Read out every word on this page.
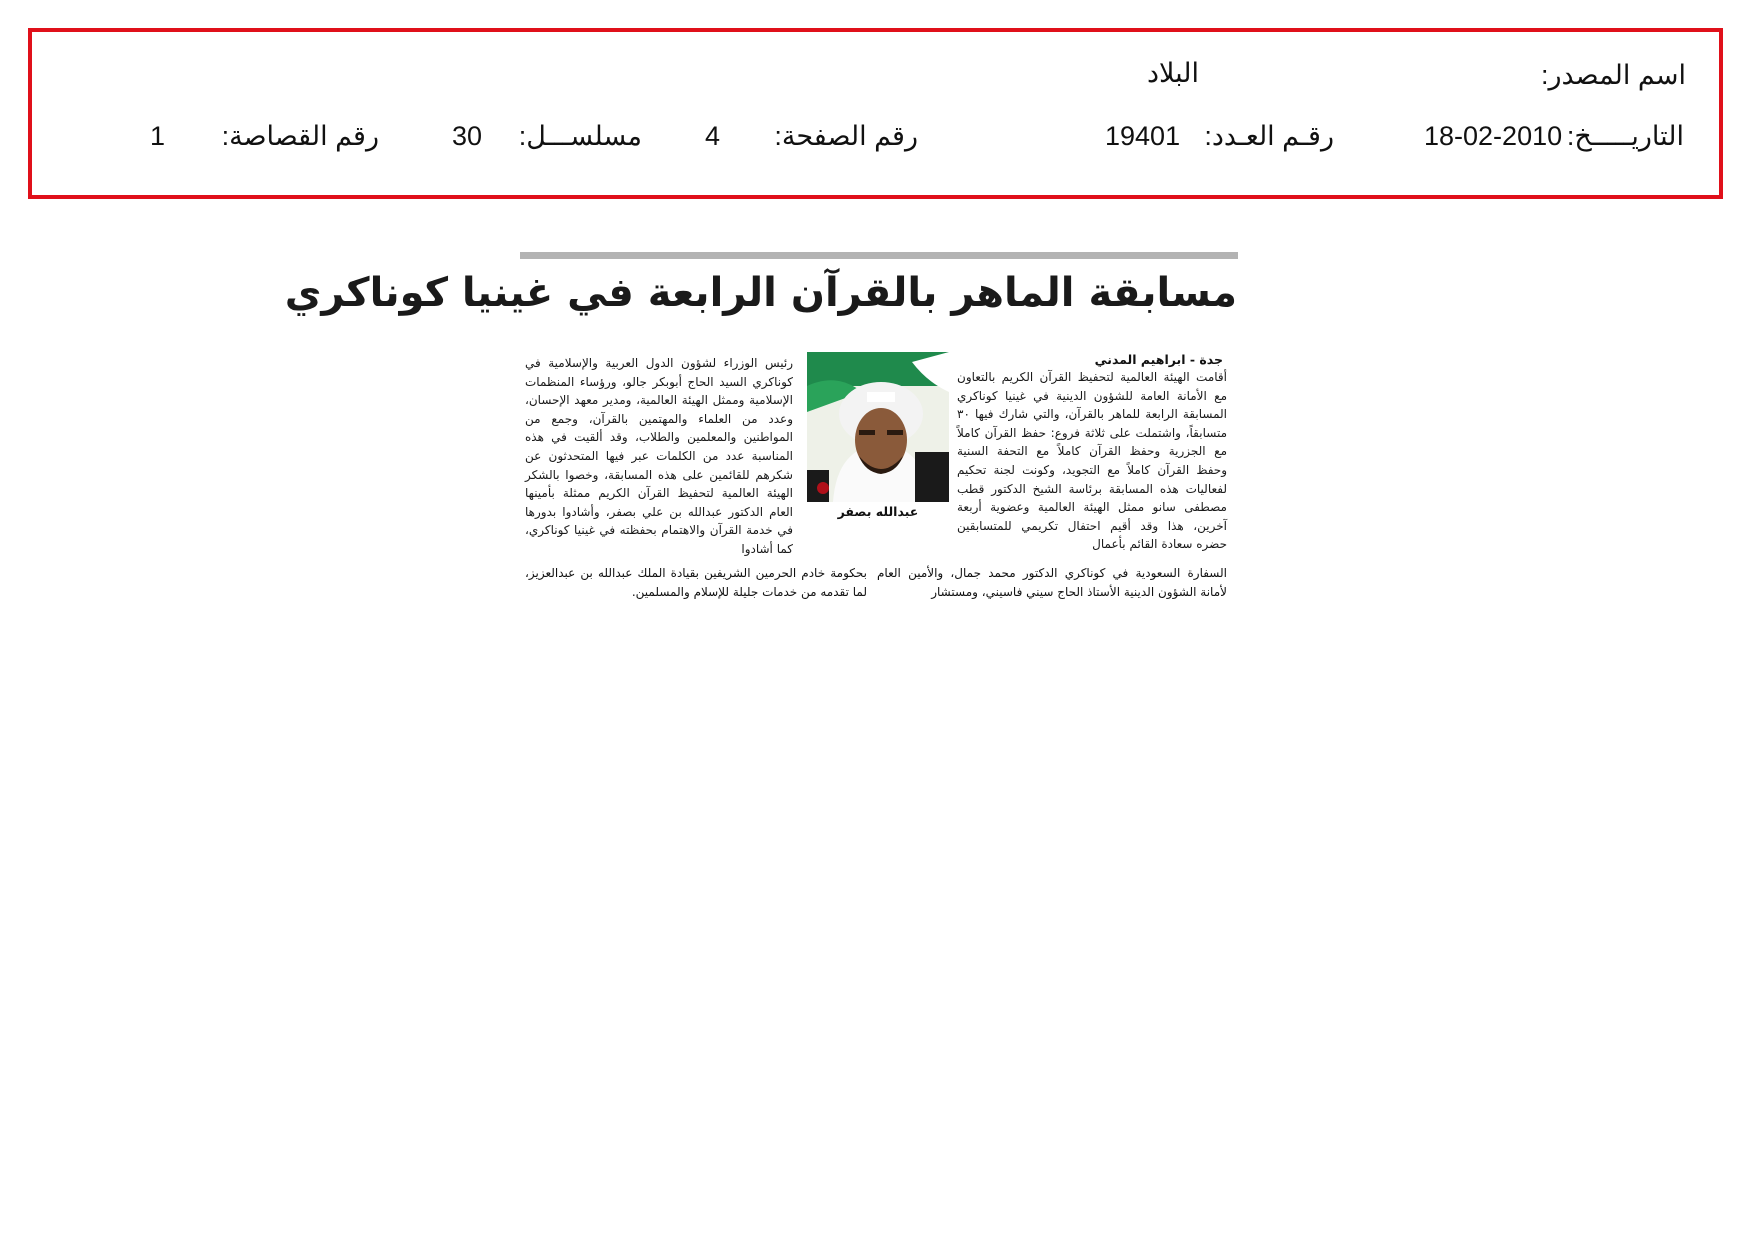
اسم المصدر:
البلاد
التاريـــــخ:
18-02-2010
رقـم العـدد:
19401
رقم الصفحة:
4
مسلســـل:
30
رقم القصاصة:
1
مسابقة الماهر بالقرآن الرابعة في غينيا كوناكري
جدة - ابراهيم المدني

أقامت الهيئة العالمية لتحفيظ القرآن الكريم بالتعاون مع الأمانة العامة للشؤون الدينية في غينيا كوناكري المسابقة الرابعة للماهر بالقرآن، والتي شارك فيها ٣٠ متسابقاً، واشتملت على ثلاثة فروع: حفظ القرآن كاملاً مع الجزرية وحفظ القرآن كاملاً مع التحفة السنية وحفظ القرآن كاملاً مع التجويد، وكونت لجنة تحكيم لفعاليات هذه المسابقة برئاسة الشيخ الدكتور قطب مصطفى سانو ممثل الهيئة العالمية وعضوية أربعة آخرين، هذا وقد أقيم احتفال تكريمي للمتسابقين حضره سعادة القائم بأعمال

السفارة السعودية في كوناكري الدكتور محمد جمال، والأمين العام لأمانة الشؤون الدينية الأستاذ الحاج سيني فاسيني، ومستشار
ه
عبدالله بصفر

رئيس الوزراء لشؤون الدول العربية والإسلامية في كوناكري السيد الحاج أبوبكر جالو، ورؤساء المنظمات الإسلامية وممثل الهيئة العالمية، ومدير معهد الإحسان، وعدد من العلماء والمهتمين بالقرآن، وجمع من المواطنين والمعلمين والطلاب، وقد ألقيت في هذه المناسبة عدد من الكلمات عبر فيها المتحدثون عن شكرهم للقائمين على هذه المسابقة، وخصوا بالشكر الهيئة العالمية لتحفيظ القرآن الكريم ممثلة بأمينها العام الدكتور عبدالله بن علي بصفر، وأشادوا بدورها في خدمة القرآن والاهتمام بحفظته في غينيا كوناكري، كما أشادوا

بحكومة خادم الحرمين الشريفين بقيادة الملك عبدالله بن عبدالعزيز، لما تقدمه من خدمات جليلة للإسلام والمسلمين.
